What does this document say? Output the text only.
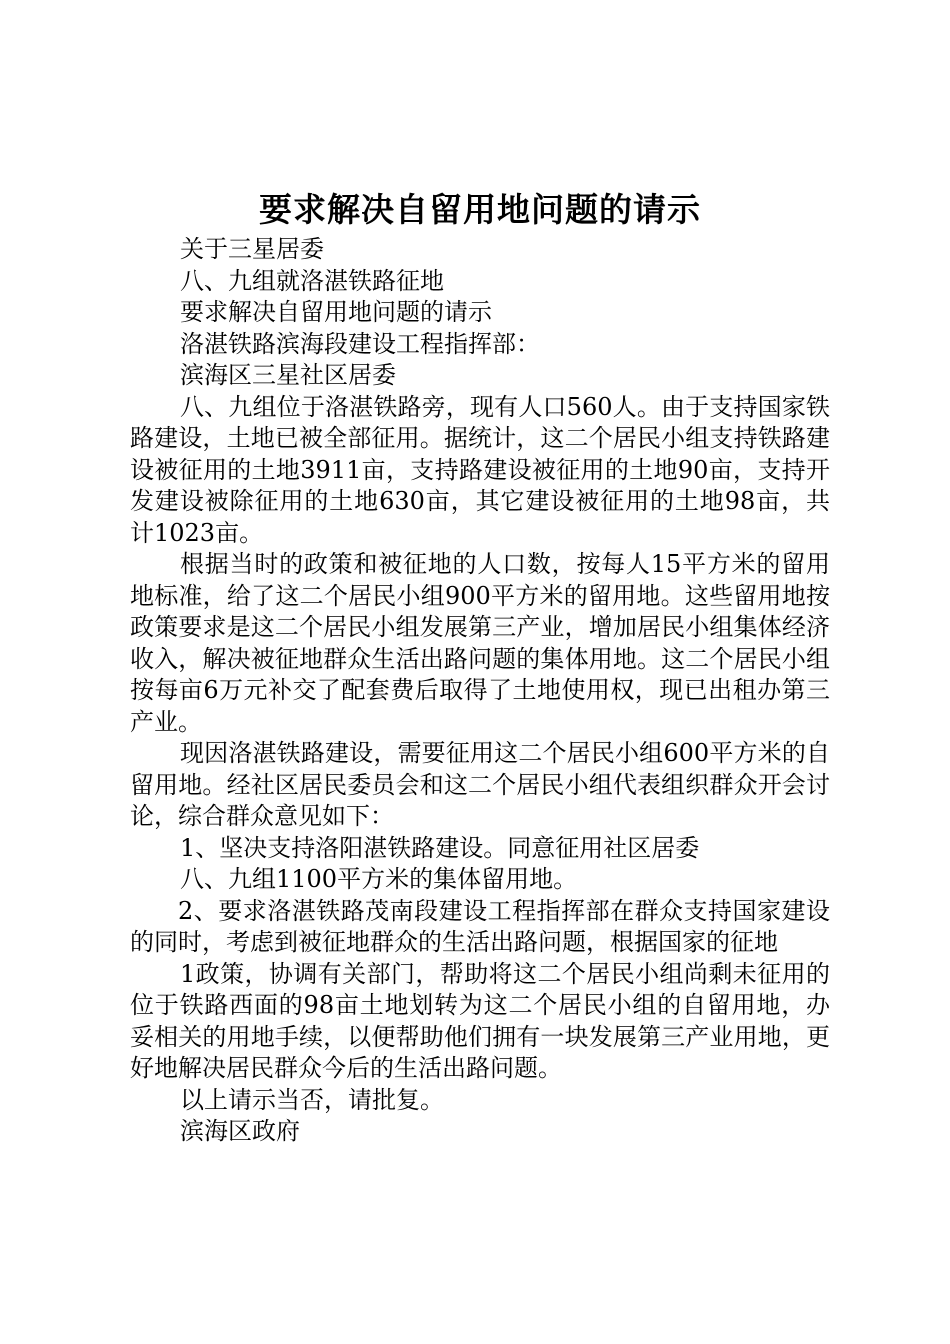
要求解决自留用地问题的请示

关于三星居委

八、九组就洛湛铁路征地

要求解决自留用地问题的请示

洛湛铁路滨海段建设工程指挥部：

滨海区三星社区居委

八、九组位于洛湛铁路旁，现有人口560人。由于支持国家铁路建设，土地已被全部征用。据统计，这二个居民小组支持铁路建设被征用的土地3911亩，支持路建设被征用的土地90亩，支持开发建设被除征用的土地630亩，其它建设被征用的土地98亩，共计1023亩。

根据当时的政策和被征地的人口数，按每人15平方米的留用地标准，给了这二个居民小组900平方米的留用地。这些留用地按政策要求是这二个居民小组发展第三产业，增加居民小组集体经济收入，解决被征地群众生活出路问题的集体用地。这二个居民小组按每亩6万元补交了配套费后取得了土地使用权，现已出租办第三产业。

现因洛湛铁路建设，需要征用这二个居民小组600平方米的自留用地。经社区居民委员会和这二个居民小组代表组织群众开会讨论，综合群众意见如下：

1、坚决支持洛阳湛铁路建设。同意征用社区居委

八、九组1100平方米的集体留用地。

2、要求洛湛铁路茂南段建设工程指挥部在群众支持国家建设的同时，考虑到被征地群众的生活出路问题，根据国家的征地

1政策，协调有关部门，帮助将这二个居民小组尚剩未征用的位于铁路西面的98亩土地划转为这二个居民小组的自留用地，办妥相关的用地手续，以便帮助他们拥有一块发展第三产业用地，更好地解决居民群众今后的生活出路问题。

以上请示当否，请批复。

滨海区政府
